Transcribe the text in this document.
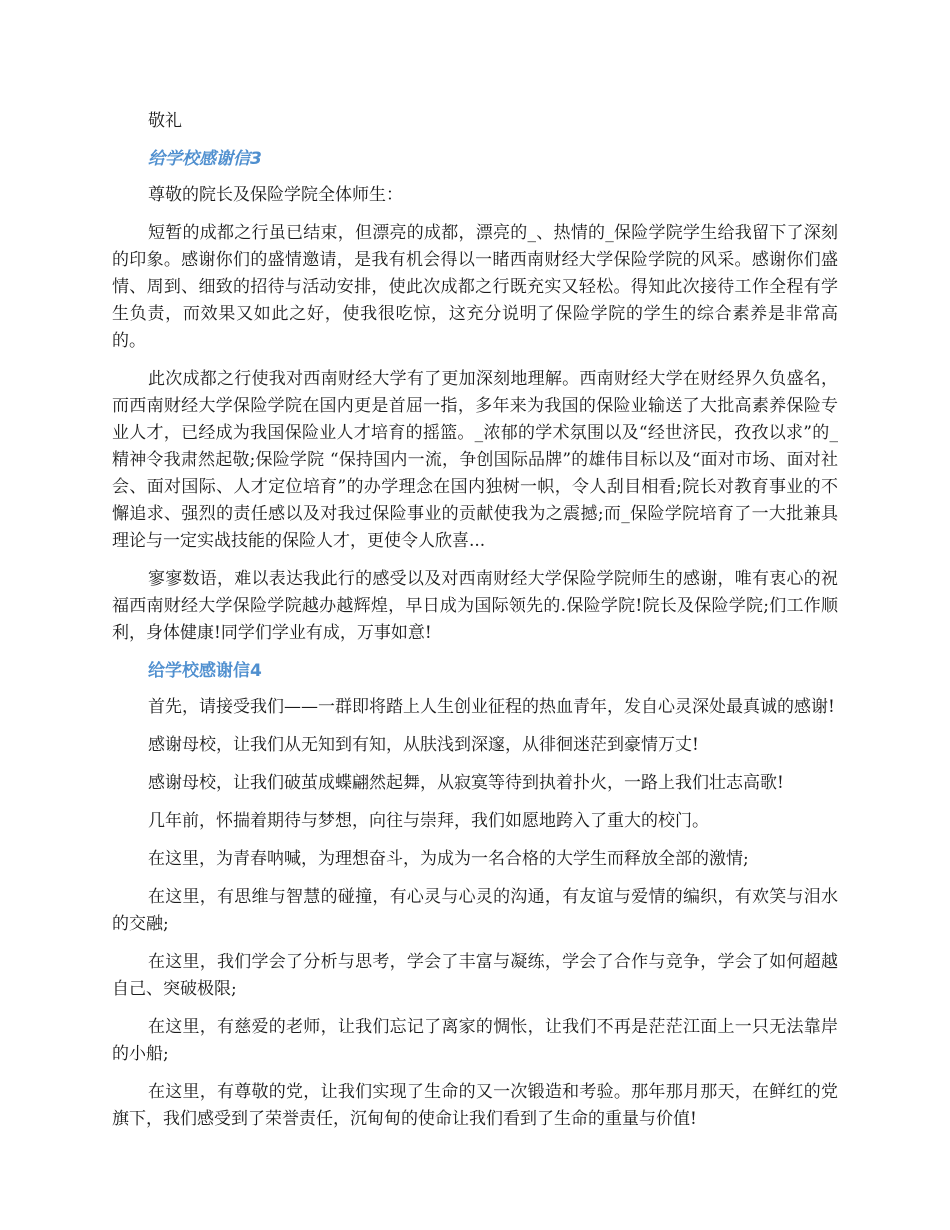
敬礼

给学校感谢信3

尊敬的院长及保险学院全体师生：

短暂的成都之行虽已结束，但漂亮的成都，漂亮的_、热情的_保险学院学生给我留下了深刻的印象。感谢你们的盛情邀请，是我有机会得以一睹西南财经大学保险学院的风采。感谢你们盛情、周到、细致的招待与活动安排，使此次成都之行既充实又轻松。得知此次接待工作全程有学生负责，而效果又如此之好，使我很吃惊，这充分说明了保险学院的学生的综合素养是非常高的。

此次成都之行使我对西南财经大学有了更加深刻地理解。西南财经大学在财经界久负盛名，而西南财经大学保险学院在国内更是首屈一指，多年来为我国的保险业输送了大批高素养保险专业人才，已经成为我国保险业人才培育的摇篮。_浓郁的学术氛围以及“经世济民，孜孜以求”的_精神令我肃然起敬;保险学院 “保持国内一流，争创国际品牌”的雄伟目标以及“面对市场、面对社会、面对国际、人才定位培育”的办学理念在国内独树一帜，令人刮目相看;院长对教育事业的不懈追求、强烈的责任感以及对我过保险事业的贡献使我为之震撼;而_保险学院培育了一大批兼具理论与一定实战技能的保险人才，更使令人欣喜...

寥寥数语，难以表达我此行的感受以及对西南财经大学保险学院师生的感谢，唯有衷心的祝福西南财经大学保险学院越办越辉煌，早日成为国际领先的.保险学院!院长及保险学院;们工作顺利，身体健康!同学们学业有成，万事如意!

给学校感谢信4

首先，请接受我们——一群即将踏上人生创业征程的热血青年，发自心灵深处最真诚的感谢!

感谢母校，让我们从无知到有知，从肤浅到深邃，从徘徊迷茫到豪情万丈!

感谢母校，让我们破茧成蝶翩然起舞，从寂寞等待到执着扑火，一路上我们壮志高歌!

几年前，怀揣着期待与梦想，向往与崇拜，我们如愿地跨入了重大的校门。

在这里，为青春呐喊，为理想奋斗，为成为一名合格的大学生而释放全部的激情;

在这里，有思维与智慧的碰撞，有心灵与心灵的沟通，有友谊与爱情的编织，有欢笑与泪水的交融;

在这里，我们学会了分析与思考，学会了丰富与凝练，学会了合作与竞争，学会了如何超越自己、突破极限;

在这里，有慈爱的老师，让我们忘记了离家的惆怅，让我们不再是茫茫江面上一只无法靠岸的小船;

在这里，有尊敬的党，让我们实现了生命的又一次锻造和考验。那年那月那天，在鲜红的党旗下，我们感受到了荣誉责任，沉甸甸的使命让我们看到了生命的重量与价值!
